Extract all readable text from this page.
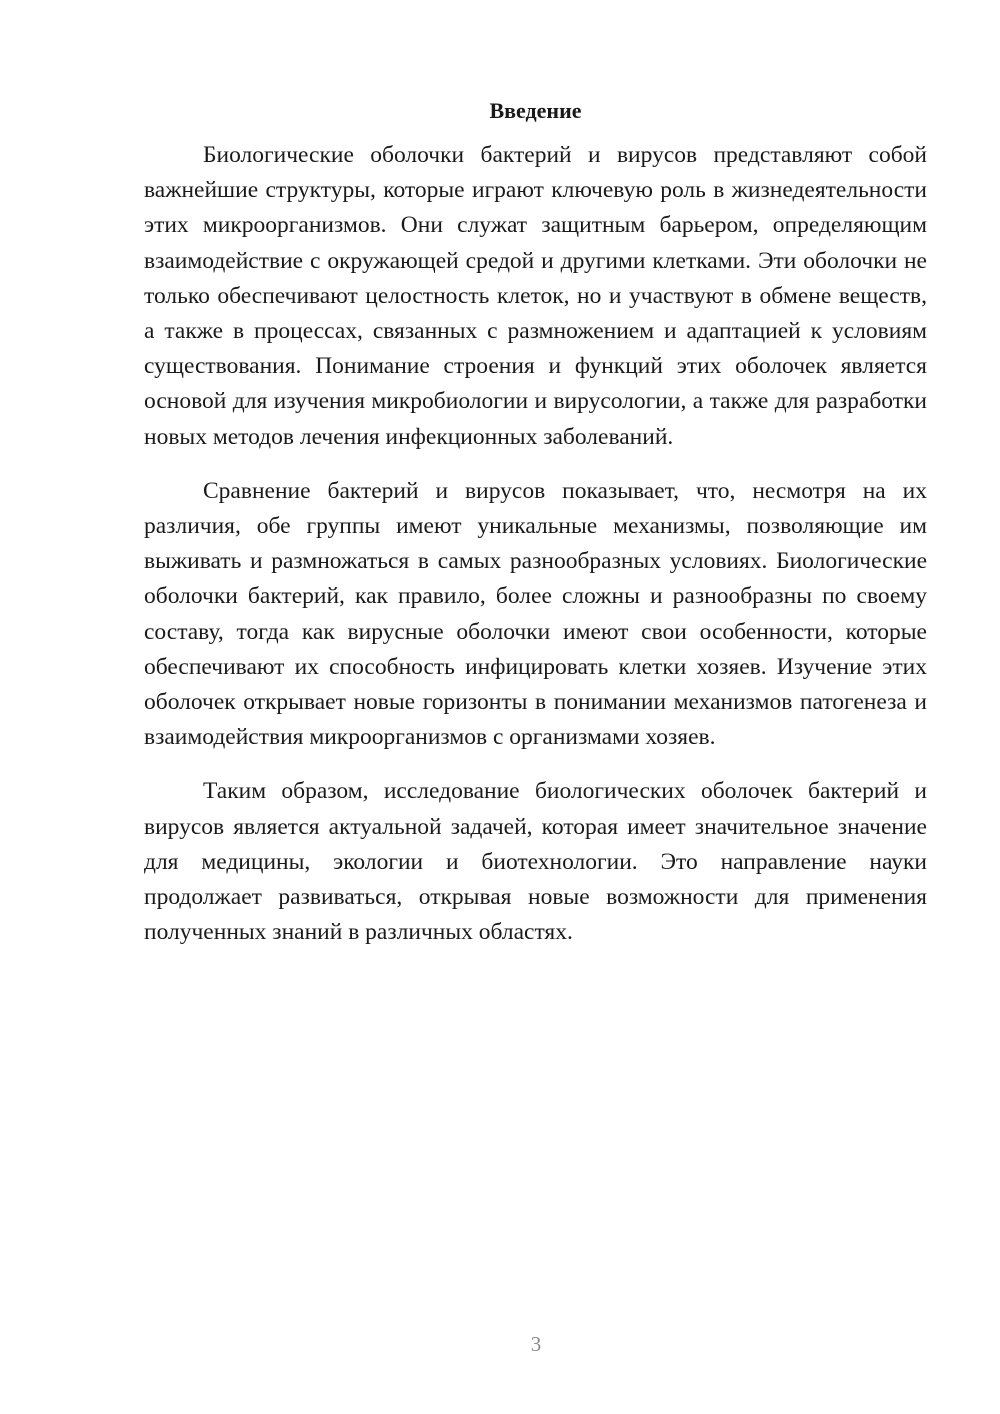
Введение

Биологические оболочки бактерий и вирусов представляют собой важнейшие структуры, которые играют ключевую роль в жизнедеятельности этих микроорганизмов. Они служат защитным барьером, определяющим взаимодействие с окружающей средой и другими клетками. Эти оболочки не только обеспечивают целостность клеток, но и участвуют в обмене веществ, а также в процессах, связанных с размножением и адаптацией к условиям существования. Понимание строения и функций этих оболочек является основой для изучения микробиологии и вирусологии, а также для разработки новых методов лечения инфекционных заболеваний.

Сравнение бактерий и вирусов показывает, что, несмотря на их различия, обе группы имеют уникальные механизмы, позволяющие им выживать и размножаться в самых разнообразных условиях. Биологические оболочки бактерий, как правило, более сложны и разнообразны по своему составу, тогда как вирусные оболочки имеют свои особенности, которые обеспечивают их способность инфицировать клетки хозяев. Изучение этих оболочек открывает новые горизонты в понимании механизмов патогенеза и взаимодействия микроорганизмов с организмами хозяев.

Таким образом, исследование биологических оболочек бактерий и вирусов является актуальной задачей, которая имеет значительное значение для медицины, экологии и биотехнологии. Это направление науки продолжает развиваться, открывая новые возможности для применения полученных знаний в различных областях.

3
